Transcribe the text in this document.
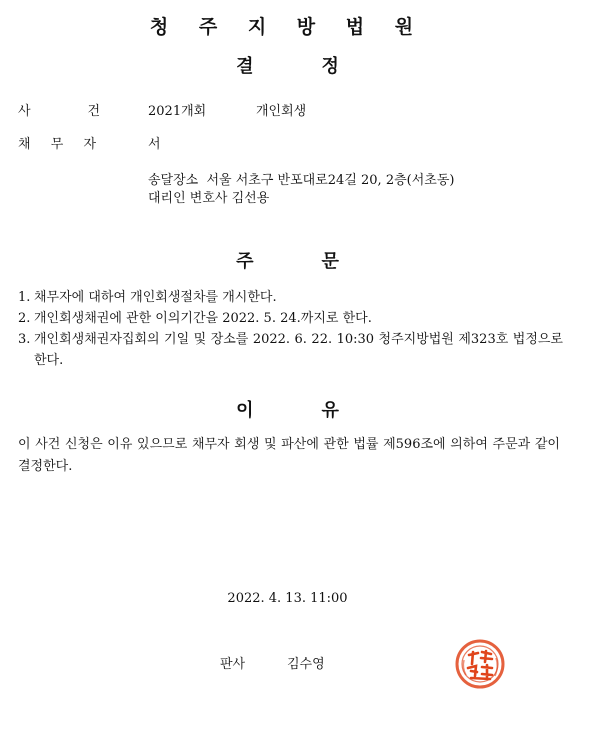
청 주 지 방 법 원
결	정
사	건	2021개회	개인회생
채 무 자	서
송달장소  서울 서초구 반포대로24길 20, 2층(서초동)
대리인 변호사 김선용
주	문
1. 채무자에 대하여 개인회생절차를 개시한다.
2. 개인회생채권에 관한 이의기간을 2022. 5. 24.까지로 한다.
3. 개인회생채권자집회의 기일 및 장소를 2022. 6. 22. 10:30 청주지방법원 제323호 법정으로 한다.
이	유
이 사건 신청은 이유 있으므로 채무자 회생 및 파산에 관한 법률 제596조에 의하여 주문과 같이 결정한다.
2022. 4. 13. 11:00
판사	김수영
